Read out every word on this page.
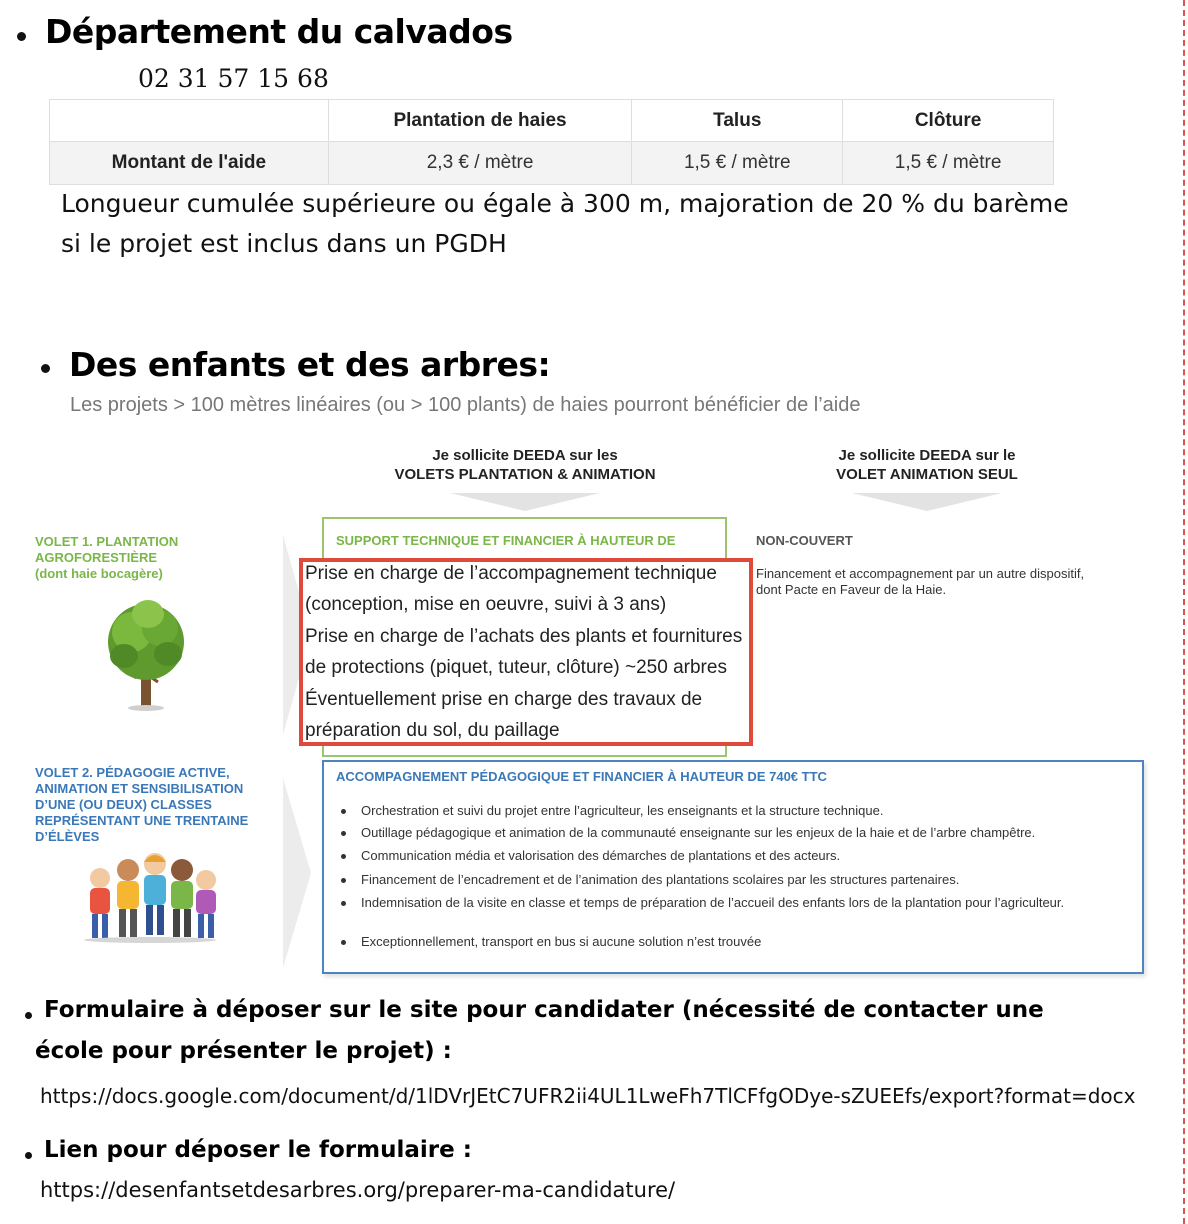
Département du calvados
02 31 57 15 68
	Plantation de haies	Talus	Clôture
Montant de l'aide	2,3 € / mètre	1,5 € / mètre	1,5 € / mètre
Longueur cumulée supérieure ou égale à 300 m, majoration de 20 % du barème
si le projet est inclus dans un PGDH
Des enfants et des arbres:
Les projets > 100 mètres linéaires (ou > 100 plants) de haies pourront bénéficier de l’aide
Je sollicite DEEDA sur les
VOLETS PLANTATION & ANIMATION
Je sollicite DEEDA sur le
VOLET ANIMATION SEUL
VOLET 1. PLANTATION
AGROFORESTIÈRE
(dont haie bocagère)
SUPPORT TECHNIQUE ET FINANCIER À HAUTEUR DE
Prise en charge de l’accompagnement technique
(conception, mise en oeuvre, suivi à 3 ans)
Prise en charge de l’achats des plants et fournitures
de protections (piquet, tuteur, clôture) ~250 arbres
Éventuellement prise en charge des travaux de
préparation du sol, du paillage
NON-COUVERT
Financement et accompagnement par un autre dispositif,
dont Pacte en Faveur de la Haie.
VOLET 2. PÉDAGOGIE ACTIVE,
ANIMATION ET SENSIBILISATION
D’UNE (OU DEUX) CLASSES
REPRÉSENTANT UNE TRENTAINE
D’ÉLÈVES
ACCOMPAGNEMENT PÉDAGOGIQUE ET FINANCIER À HAUTEUR DE 740€ TTC
Orchestration et suivi du projet entre l’agriculteur, les enseignants et la structure technique.
Outillage pédagogique et animation de la communauté enseignante sur les enjeux de la haie et de l’arbre champêtre.
Communication média et valorisation des démarches de plantations et des acteurs.
Financement de l’encadrement et de l’animation des plantations scolaires par les structures partenaires.
Indemnisation de la visite en classe et temps de préparation de l’accueil des enfants lors de la plantation pour l’agriculteur.
Exceptionnellement, transport en bus si aucune solution n’est trouvée
Formulaire à déposer sur le site pour candidater (nécessité de contacter une
école pour présenter le projet) :
https://docs.google.com/document/d/1lDVrJEtC7UFR2ii4UL1LweFh7TlCFfgODye-sZUEEfs/export?format=docx
Lien pour déposer le formulaire :
https://desenfantsetdesarbres.org/preparer-ma-candidature/
